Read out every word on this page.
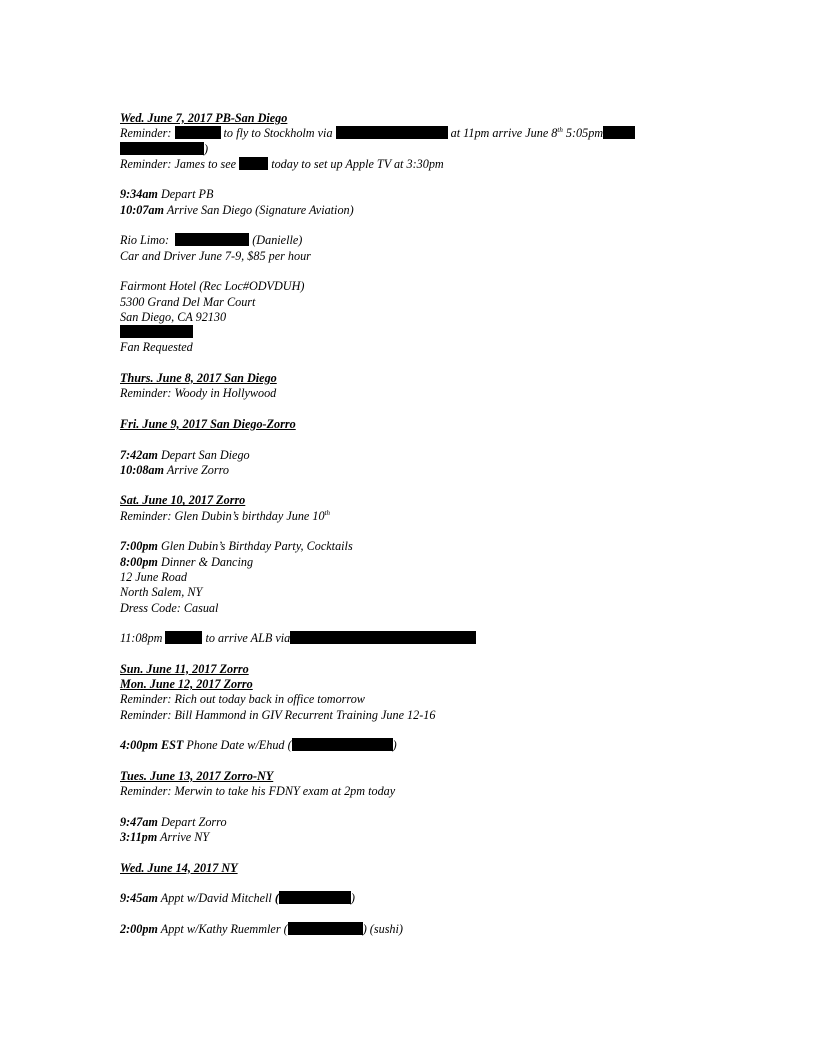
Wed. June 7, 2017 PB-San Diego
Reminder:	to fly to Stockholm via	at 11pm arrive June 8th 5:05pm
)
Reminder: James to see	today to set up Apple TV at 3:30pm
9:34am Depart PB
10:07am Arrive San Diego (Signature Aviation)
Rio Limo:	(Danielle)
Car and Driver June 7-9, $85 per hour
Fairmont Hotel (Rec Loc#ODVDUH)
5300 Grand Del Mar Court
San Diego, CA 92130
Fan Requested
Thurs. June 8, 2017 San Diego
Reminder: Woody in Hollywood
Fri. June 9, 2017 San Diego-Zorro
7:42am Depart San Diego
10:08am Arrive Zorro
Sat. June 10, 2017 Zorro
Reminder: Glen Dubin’s birthday June 10th
7:00pm Glen Dubin’s Birthday Party, Cocktails
8:00pm Dinner & Dancing
12 June Road
North Salem, NY
Dress Code: Casual
11:08pm	to arrive ALB via
Sun. June 11, 2017 Zorro
Mon. June 12, 2017 Zorro
Reminder: Rich out today back in office tomorrow
Reminder: Bill Hammond in GIV Recurrent Training June 12-16
4:00pm EST Phone Date w/Ehud (	)
Tues. June 13, 2017 Zorro-NY
Reminder: Merwin to take his FDNY exam at 2pm today
9:47am Depart Zorro
3:11pm Arrive NY
Wed. June 14, 2017 NY
9:45am Appt w/David Mitchell (	)
2:00pm Appt w/Kathy Ruemmler (	) (sushi)
